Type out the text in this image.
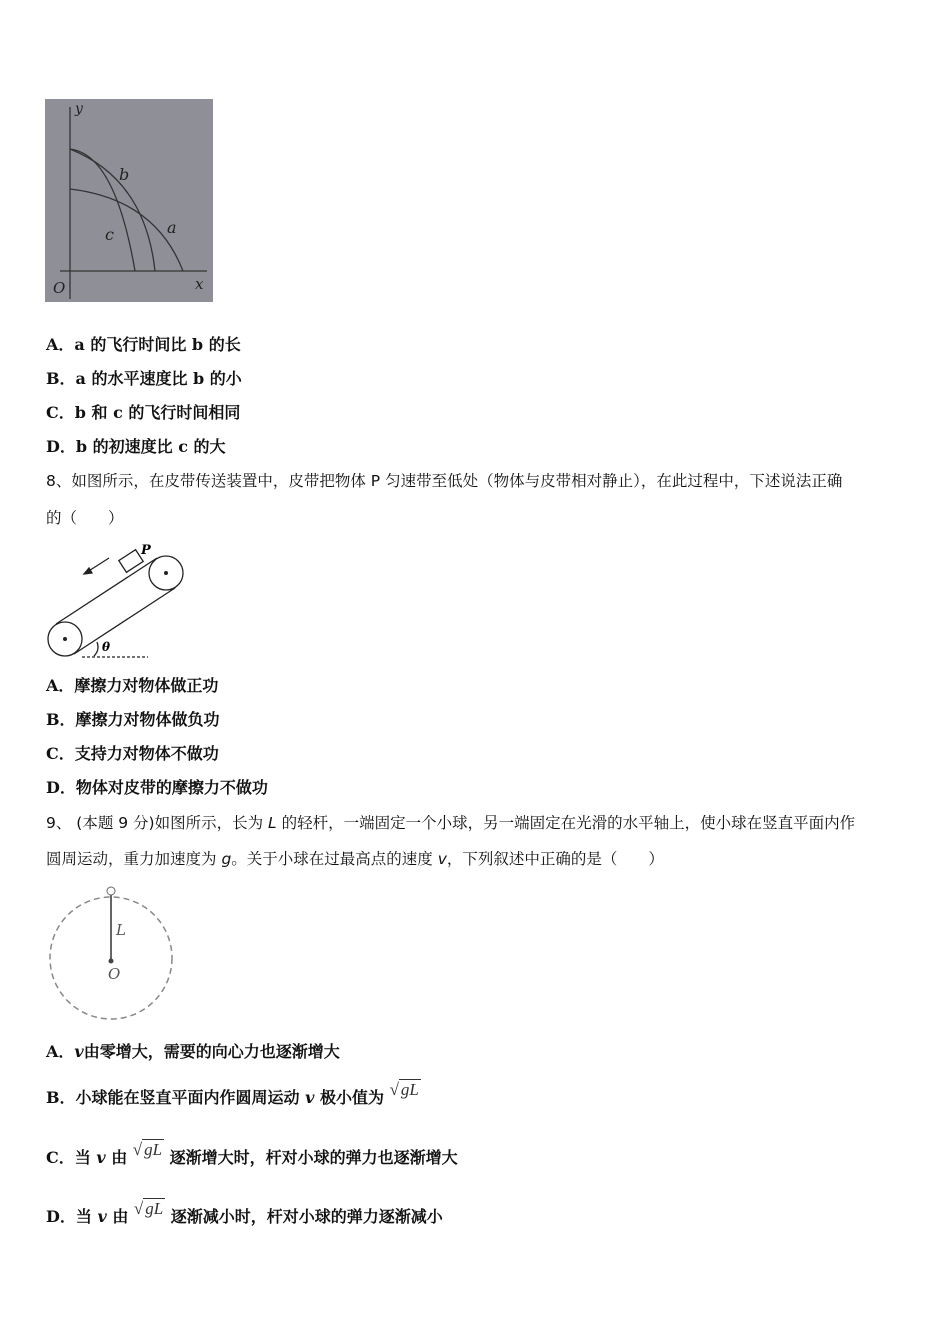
y
x
O
a
b
c
A．a 的飞行时间比 b 的长
B．a 的水平速度比 b 的小
C．b 和 c 的飞行时间相同
D．b 的初速度比 c 的大
8、如图所示，在皮带传送装置中，皮带把物体 P 匀速带至低处（物体与皮带相对静止），在此过程中，下述说法正确
的（　　）
P
θ
A．摩擦力对物体做正功
B．摩擦力对物体做负功
C．支持力对物体不做功
D．物体对皮带的摩擦力不做功
9、 (本题 9 分)如图所示，长为 L 的轻杆，一端固定一个小球，另一端固定在光滑的水平轴上，使小球在竖直平面内作
圆周运动，重力加速度为 g。关于小球在过最高点的速度 v，下列叙述中正确的是（　　）
L
O
A．v由零增大，需要的向心力也逐渐增大
B．小球能在竖直平面内作圆周运动 v 极小值为 √ gL
C．当 v 由 √ gL 逐渐增大时，杆对小球的弹力也逐渐增大
D．当 v 由 √ gL 逐渐减小时，杆对小球的弹力逐渐减小
